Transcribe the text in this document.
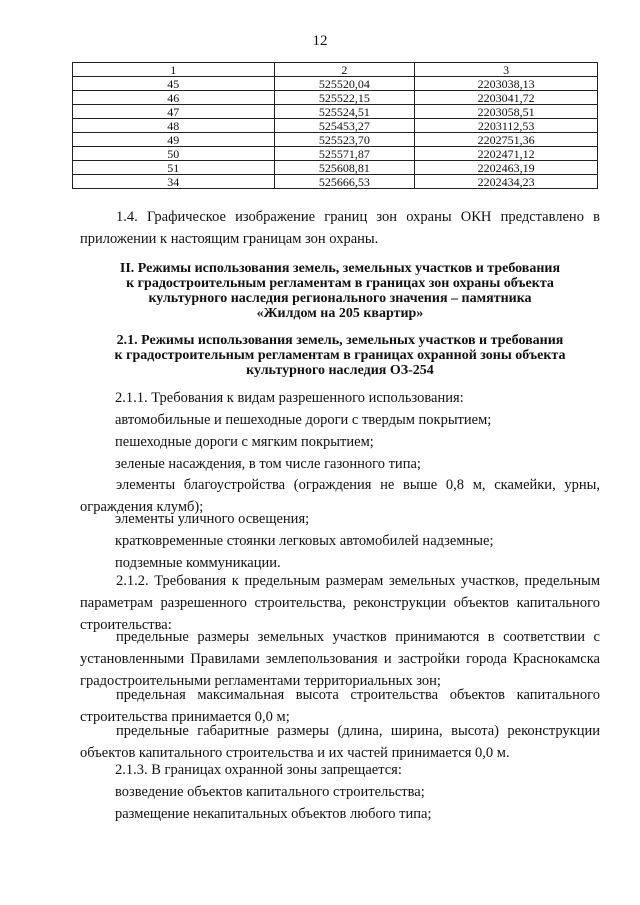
12
1	2	3
45	525520,04	2203038,13
46	525522,15	2203041,72
47	525524,51	2203058,51
48	525453,27	2203112,53
49	525523,70	2202751,36
50	525571,87	2202471,12
51	525608,81	2202463,19
34	525666,53	2202434,23

1.4. Графическое изображение границ зон охраны ОКН представлено в приложении к настоящим границам зон охраны.

II. Режимы использования земель, земельных участков и требования
к градостроительным регламентам в границах зон охраны объекта
культурного наследия регионального значения – памятника
«Жилдом на 205 квартир»
2.1. Режимы использования земель, земельных участков и требования
к градостроительным регламентам в границах охранной зоны объекта
культурного наследия ОЗ-254
2.1.1. Требования к видам разрешенного использования:
автомобильные и пешеходные дороги с твердым покрытием;
пешеходные дороги с мягким покрытием;
зеленые насаждения, в том числе газонного типа;

элементы благоустройства (ограждения не выше 0,8 м, скамейки, урны, ограждения клумб);

элементы уличного освещения;
кратковременные стоянки легковых автомобилей надземные;
подземные коммуникации.

2.1.2. Требования к предельным размерам земельных участков, предельным параметрам разрешенного строительства, реконструкции объектов капитального строительства:

предельные размеры земельных участков принимаются в соответствии с установленными Правилами землепользования и застройки города Краснокамска градостроительными регламентами территориальных зон;

предельная максимальная высота строительства объектов капитального строительства принимается 0,0 м;

предельные габаритные размеры (длина, ширина, высота) реконструкции объектов капитального строительства и их частей принимается 0,0 м.

2.1.3. В границах охранной зоны запрещается:
возведение объектов капитального строительства;
размещение некапитальных объектов любого типа;
